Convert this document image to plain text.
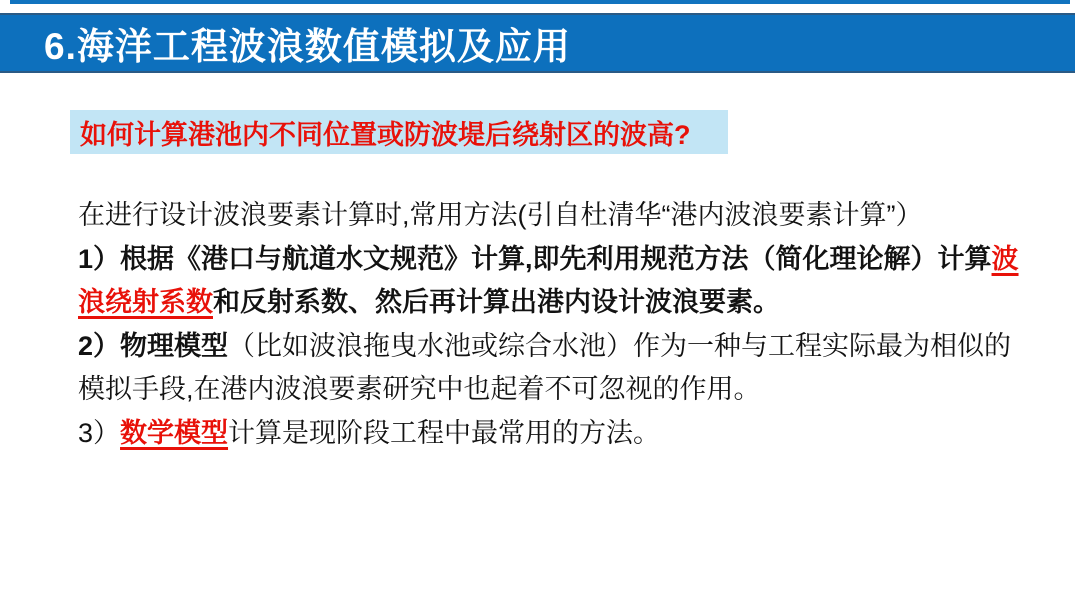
6.海洋工程波浪数值模拟及应用
如何计算港池内不同位置或防波堤后绕射区的波高?
在进行设计波浪要素计算时,常用方法(引自杜清华“港内波浪要素计算”）
1）根据《港口与航道水文规范》计算,即先利用规范方法（简化理论解）计算波
浪绕射系数和反射系数、然后再计算出港内设计波浪要素。
2）物理模型（比如波浪拖曳水池或综合水池）作为一种与工程实际最为相似的
模拟手段,在港内波浪要素研究中也起着不可忽视的作用。
3）数学模型计算是现阶段工程中最常用的方法。
